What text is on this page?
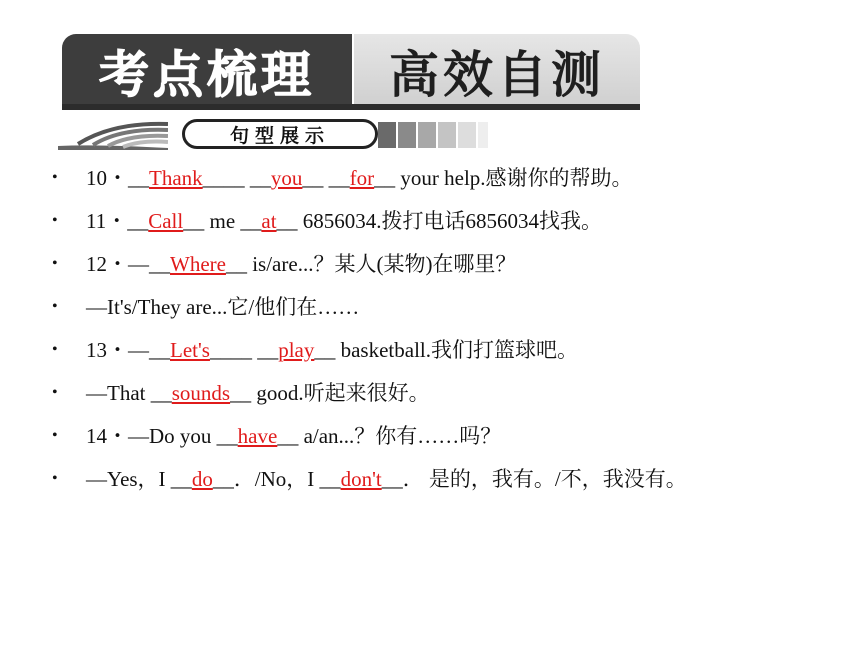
考点梳理	高效自测
句型展示
• 10・__Thank____ __you__ __for__ your help.感谢你的帮助。
• 11・__Call__ me __at__ 6856034.拨打电话6856034找我。
• 12・—__Where__ is/are...？某人(某物)在哪里？
• —It's/They are...它/他们在……
• 13・—__Let's____ __play__ basketball.我们打篮球吧。
• —That __sounds__ good.听起来很好。
• 14・—Do you __have__ a/an...？你有……吗？
• —Yes，I __do__．/No，I __don't__． 是的，我有。/不，我没有。
